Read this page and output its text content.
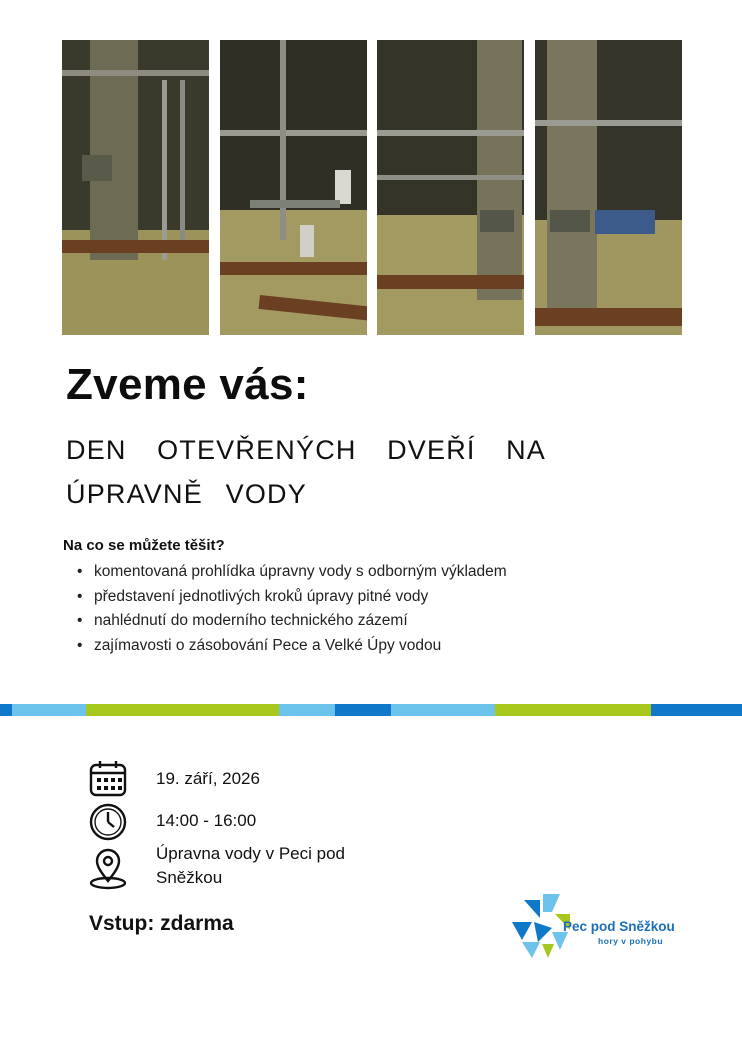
Zveme vás:
DEN OTEVŘENÝCH DVEŘÍ NA ÚPRAVNĚ VODY
Na co se můžete těšit?
• komentovaná prohlídka úpravny vody s odborným výkladem
• představení jednotlivých kroků úpravy pitné vody
• nahlédnutí do moderního technického zázemí
• zajímavosti o zásobování Pece a Velké Úpy vodou
19. září, 2026
14:00 - 16:00
Úpravna vody v Peci pod
Sněžkou
Vstup: zdarma	Pec pod Sněžkou
hory v pohybu
